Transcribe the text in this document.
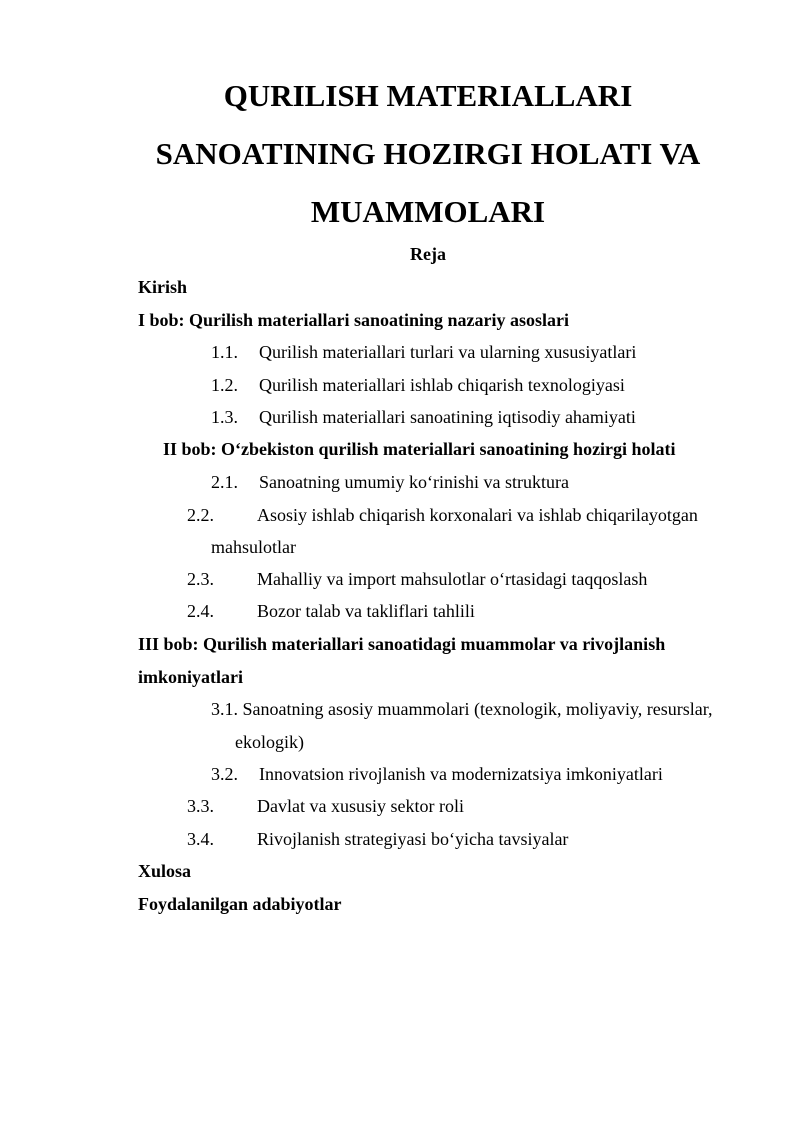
QURILISH MATERIALLARI
SANOATINING HOZIRGI HOLATI VA
MUAMMOLARI
Reja
Kirish
I bob: Qurilish materiallari sanoatining nazariy asoslari
1.1. Qurilish materiallari turlari va ularning xususiyatlari
1.2. Qurilish materiallari ishlab chiqarish texnologiyasi
1.3. Qurilish materiallari sanoatining iqtisodiy ahamiyati
II bob: O‘zbekiston qurilish materiallari sanoatining hozirgi holati
2.1. Sanoatning umumiy ko‘rinishi va struktura
2.2. Asosiy ishlab chiqarish korxonalari va ishlab chiqarilayotgan
mahsulotlar
2.3. Mahalliy va import mahsulotlar o‘rtasidagi taqqoslash
2.4. Bozor talab va takliflari tahlili
III bob: Qurilish materiallari sanoatidagi muammolar va rivojlanish
imkoniyatlari
3.1. Sanoatning asosiy muammolari (texnologik, moliyaviy, resurslar,
ekologik)
3.2. Innovatsion rivojlanish va modernizatsiya imkoniyatlari
3.3. Davlat va xususiy sektor roli
3.4. Rivojlanish strategiyasi bo‘yicha tavsiyalar
Xulosa
Foydalanilgan adabiyotlar
